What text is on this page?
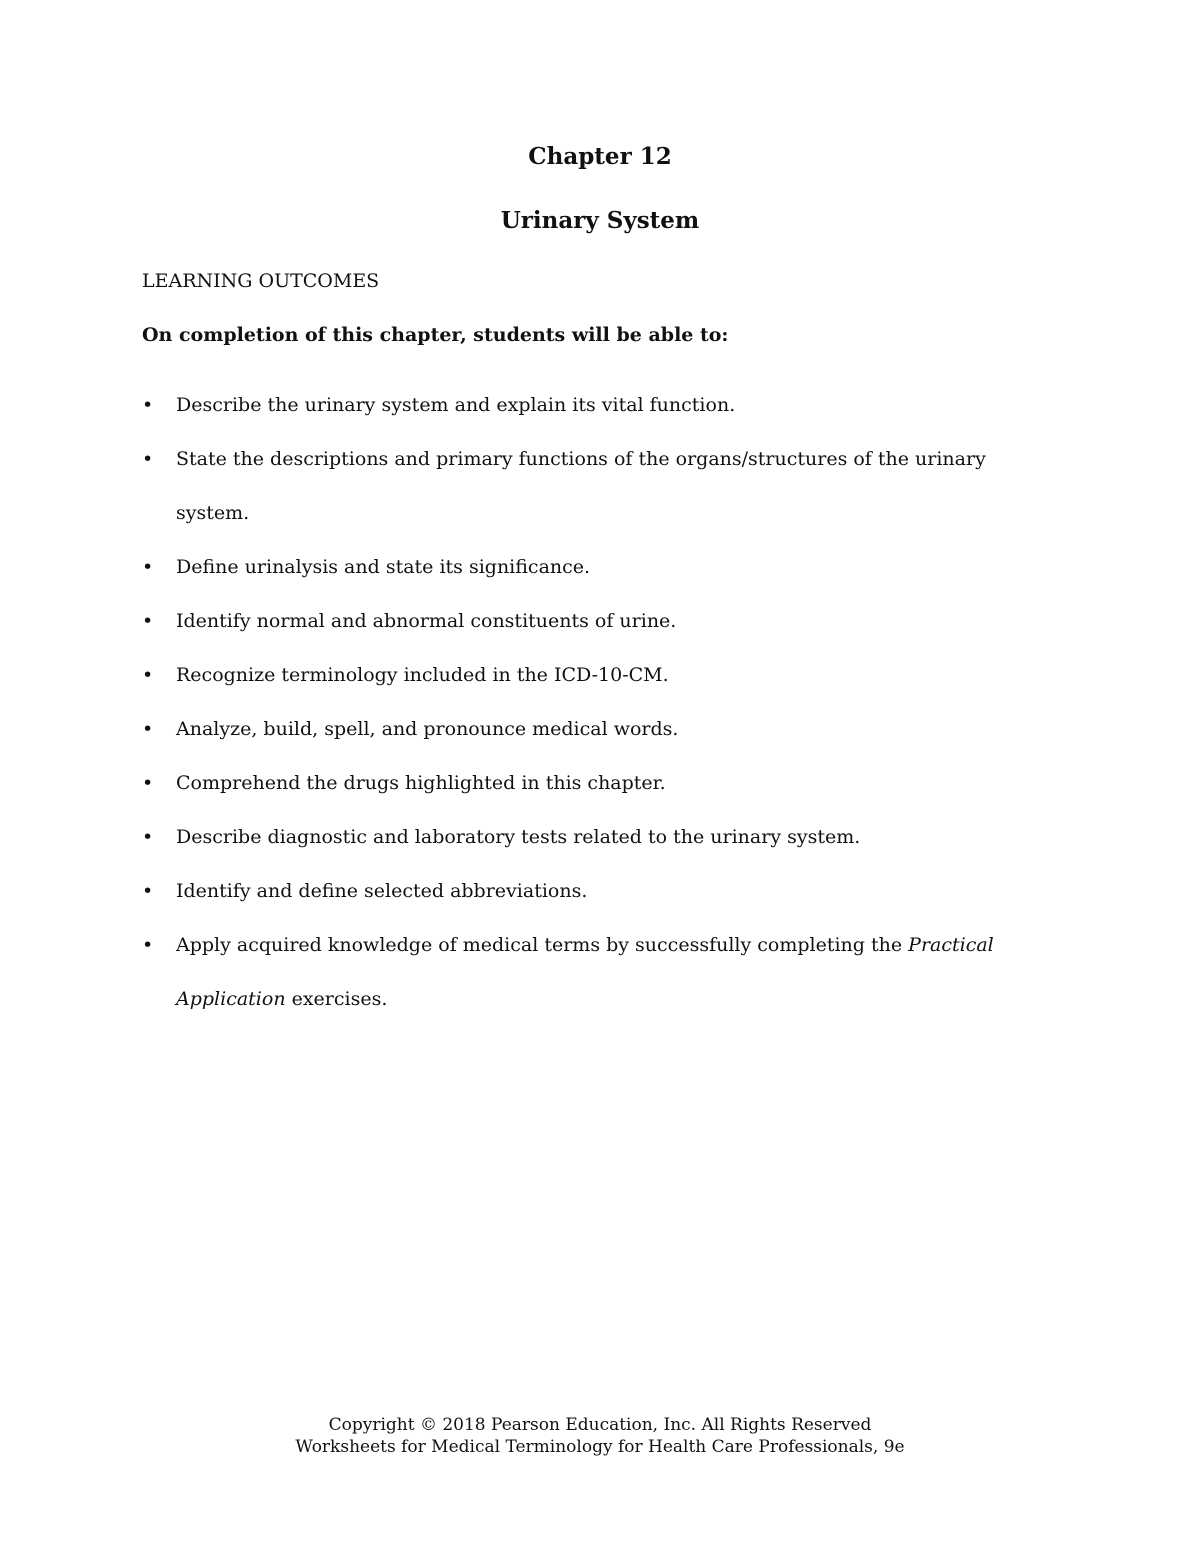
Chapter 12
Urinary System
LEARNING OUTCOMES
On completion of this chapter, students will be able to:
• Describe the urinary system and explain its vital function.
• State the descriptions and primary functions of the organs/structures of the urinary system.
• Define urinalysis and state its significance.
• Identify normal and abnormal constituents of urine.
• Recognize terminology included in the ICD-10-CM.
• Analyze, build, spell, and pronounce medical words.
• Comprehend the drugs highlighted in this chapter.
• Describe diagnostic and laboratory tests related to the urinary system.
• Identify and define selected abbreviations.
• Apply acquired knowledge of medical terms by successfully completing the Practical Application exercises.
Copyright © 2018 Pearson Education, Inc. All Rights Reserved
Worksheets for Medical Terminology for Health Care Professionals, 9e
